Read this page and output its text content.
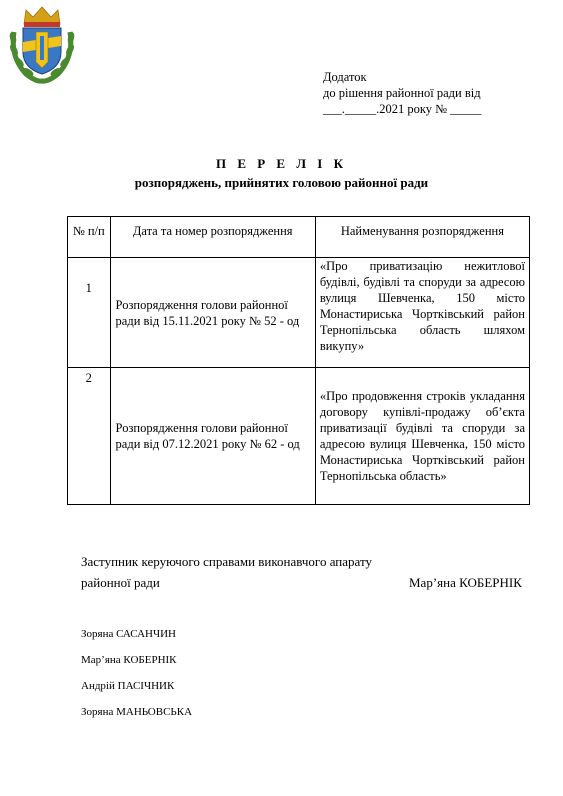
Додаток
до рішення районної ради від
___._____.2021 року № _____
П Е Р Е Л І К
розпоряджень, прийнятих головою районної ради
№ п/п	Дата та номер розпорядження	Найменування розпорядження

1	Розпорядження голови районної ради від 15.11.2021 року № 52 - од	«Про приватизацію нежитлової будівлі, будівлі та споруди за адресою вулиця Шевченка, 150 місто Монастириська Чортківський район Тернопільська область шляхом викупу»

2	Розпорядження голови районної ради від 07.12.2021 року № 62 - од	«Про продовження строків укладання договору купівлі-продажу об’єкта приватизації будівлі та споруди за адресою вулиця Шевченка, 150 місто Монастириська Чортківський район Тернопільська область»
Заступник керуючого справами виконавчого апарату
районної ради	Мар’яна КОБЕРНІК
Зоряна САСАНЧИН
Мар’яна КОБЕРНІК
Андрій ПАСІЧНИК
Зоряна МАНЬОВСЬКА
